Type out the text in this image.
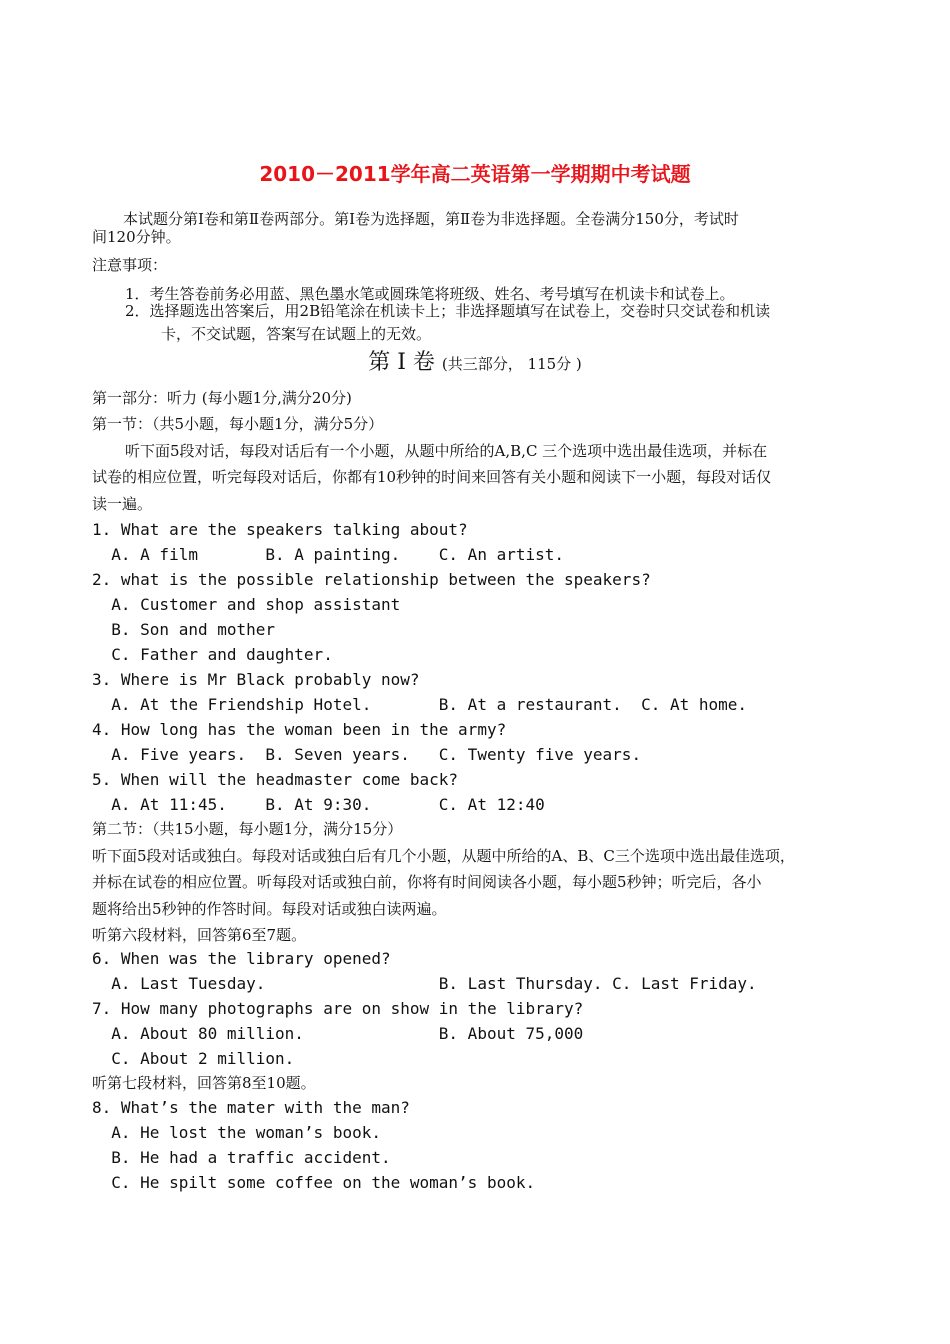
2010－2011学年高二英语第一学期期中考试题
本试题分第Ⅰ卷和第Ⅱ卷两部分。第Ⅰ卷为选择题，第Ⅱ卷为非选择题。全卷满分150分，考试时
间120分钟。
注意事项：
1．考生答卷前务必用蓝、黑色墨水笔或圆珠笔将班级、姓名、考号填写在机读卡和试卷上。
2．选择题选出答案后，用2B铅笔涂在机读卡上；非选择题填写在试卷上，交卷时只交试卷和机读
卡，不交试题，答案写在试题上的无效。
第 Ⅰ 卷 (共三部分， 115分 )
第一部分：听力 (每小题1分,满分20分)
第一节：（共5小题，每小题1分，满分5分）
听下面5段对话，每段对话后有一个小题，从题中所给的A,B,C 三个选项中选出最佳选项，并标在
试卷的相应位置，听完每段对话后，你都有10秒钟的时间来回答有关小题和阅读下一小题，每段对话仅
读一遍。
1. What are the speakers talking about?
A. A film       B. A painting.    C. An artist.
2. what is the possible relationship between the speakers?
A. Customer and shop assistant
B. Son and mother
C. Father and daughter.
3. Where is Mr Black probably now?
A. At the Friendship Hotel.       B. At a restaurant.  C. At home.
4. How long has the woman been in the army?
A. Five years.  B. Seven years.   C. Twenty five years.
5. When will the headmaster come back?
A. At 11:45.    B. At 9:30.       C. At 12:40
第二节：（共15小题，每小题1分，满分15分）
听下面5段对话或独白。每段对话或独白后有几个小题，从题中所给的A、B、C三个选项中选出最佳选项，
并标在试卷的相应位置。听每段对话或独白前，你将有时间阅读各小题，每小题5秒钟；听完后，各小
题将给出5秒钟的作答时间。每段对话或独白读两遍。
听第六段材料，回答第6至7题。
6. When was the library opened?
A. Last Tuesday.                  B. Last Thursday. C. Last Friday.
7. How many photographs are on show in the library?
A. About 80 million.              B. About 75,000
C. About 2 million.
听第七段材料，回答第8至10题。
8. What’s the mater with the man?
A. He lost the woman’s book.
B. He had a traffic accident.
C. He spilt some coffee on the woman’s book.
